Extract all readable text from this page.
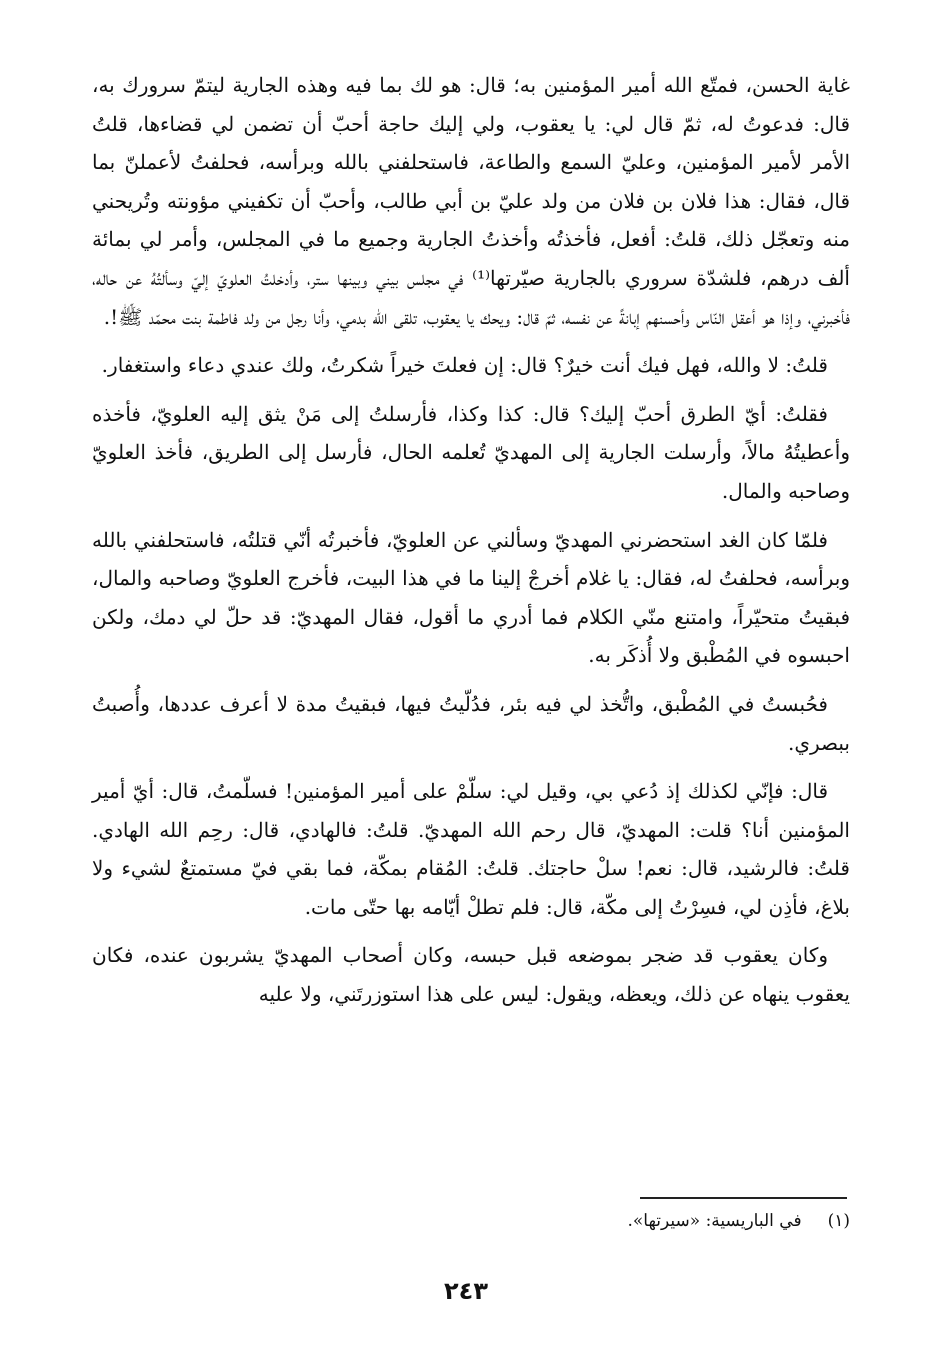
غاية الحسن، فمتّع الله أمير المؤمنين به؛ قال: هو لك بما فيه وهذه الجارية ليتمّ سرورك به، قال: فدعوتُ له، ثمّ قال لي: يا يعقوب، ولي إليك حاجة أحبّ أن تضمن لي قضاءها، قلتُ الأمر لأمير المؤمنين، وعليّ السمع والطاعة، فاستحلفني بالله وبرأسه، فحلفتُ لأعملنّ بما قال، فقال: هذا فلان بن فلان من ولد عليّ بن أبي طالب، وأحبّ أن تكفيني مؤونته وتُريحني منه وتعجّل ذلك، قلتُ: أفعل، فأخذتُه وأخذتُ الجارية وجميع ما في المجلس، وأمر لي بمائة ألف درهم، فلشدّة سروري بالجارية صيّرتها⁽¹⁾ في مجلس بيني وبينها ستر، وأدخلتُ العلويّ إليّ وسألتُهُ عن حاله، فأخبرني، وإذا هو أعقل النّاس وأحسنهم إبانةً عن نفسه، ثمّ قال: ويحك يا يعقوب، تلقى الله بدمي، وأنا رجل من ولد فاطمة بنت محمّد ﷺ!.

قلتُ: لا والله، فهل فيك أنت خيرٌ؟ قال: إن فعلتَ خيراً شكرتُ، ولك عندي دعاء واستغفار.

فقلتُ: أيّ الطرق أحبّ إليك؟ قال: كذا وكذا، فأرسلتُ إلى مَنْ يثق إليه العلويّ، فأخذه وأعطيتُهُ مالاً، وأرسلت الجارية إلى المهديّ تُعلمه الحال، فأرسل إلى الطريق، فأخذ العلويّ وصاحبه والمال.

فلمّا كان الغد استحضرني المهديّ وسألني عن العلويّ، فأخبرتُه أنّي قتلتُه، فاستحلفني بالله وبرأسه، فحلفتُ له، فقال: يا غلام أخرجْ إلينا ما في هذا البيت، فأخرج العلويّ وصاحبه والمال، فبقيتُ متحيّراً، وامتنع منّي الكلام فما أدري ما أقول، فقال المهديّ: قد حلّ لي دمك، ولكن احبسوه في المُطْبق ولا أُذكَر به.

فحُبستُ في المُطْبق، واتُّخذ لي فيه بئر، فدُلّيتُ فيها، فبقيتُ مدة لا أعرف عددها، وأُصبتُ ببصري.

قال: فإنّي لكذلك إذ دُعي بي، وقيل لي: سلّمْ على أمير المؤمنين! فسلّمتُ، قال: أيّ أمير المؤمنين أنا؟ قلت: المهديّ، قال رحم الله المهديّ. قلتُ: فالهادي، قال: رحِم الله الهادي. قلتُ: فالرشيد، قال: نعم! سلْ حاجتك. قلتُ: المُقام بمكّة، فما بقي فيّ مستمتعٌ لشيء ولا بلاغ، فأذِن لي، فسِرْتُ إلى مكّة، قال: فلم تطلْ أيّامه بها حتّى مات.

وكان يعقوب قد ضجر بموضعه قبل حبسه، وكان أصحاب المهديّ يشربون عنده، فكان يعقوب ينهاه عن ذلك، ويعظه، ويقول: ليس على هذا استوزرتَني، ولا عليه

(١)في الباريسية: «سيرتها».
٢٤٣
